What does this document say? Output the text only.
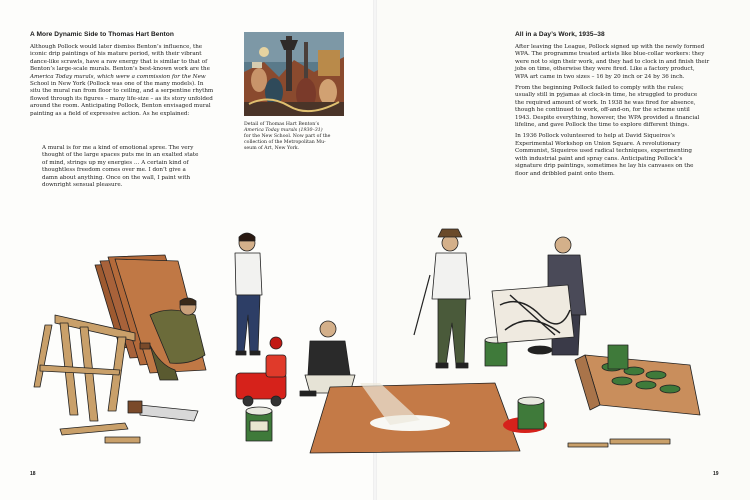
A More Dynamic Side to Thomas Hart Benton
Although Pollock would later dismiss Benton’s influence, the
iconic drip paintings of his mature period, with their vibrant
dance-like scrawls, have a raw energy that is similar to that of
Benton’s large-scale murals. Benton’s best-known work are the
America Today murals, which were a commission for the New
School in New York (Pollock was one of the many models). In
situ the mural ran from floor to ceiling, and a serpentine rhythm
flowed through its figures – many life-size – as its story unfolded
around the room. Anticipating Pollock, Benton envisaged mural
painting as a field of expressive action. As he explained:
A mural is for me a kind of emotional spree. The very
thought of the large spaces puts me in an exalted state
of mind, strings up my energies … A certain kind of
thoughtless freedom comes over me. I don’t give a
damn about anything. Once on the wall, I paint with
downright sensual pleasure.
Detail of Thomas Hart Benton’s
America Today murals (1930–31)
for the New School. Now part of the
collection of the Metropolitan Mu-
seum of Art, New York.
18
All in a Day’s Work, 1935–38

After leaving the League, Pollock signed up with the newly formed
WPA. The programme treated artists like blue-collar workers: they
were not to sign their work, and they had to clock in and finish their
jobs on time, otherwise they were fired. Like a factory product,
WPA art came in two sizes – 16 by 20 inch or 24 by 36 inch.

From the beginning Pollock failed to comply with the rules;
usually still in pyjamas at clock-in time, he struggled to produce
the required amount of work. In 1938 he was fired for absence,
though he continued to work, off-and-on, for the scheme until
1943. Despite everything, however, the WPA provided a financial
lifeline, and gave Pollock the time to explore different things.

In 1936 Pollock volunteered to help at David Siqueiros’s
Experimental Workshop on Union Square. A revolutionary
Communist, Siqueiros used radical techniques, experimenting
with industrial paint and spray cans. Anticipating Pollock’s
signature drip paintings, sometimes he lay his canvases on the
floor and dribbled paint onto them.

19
